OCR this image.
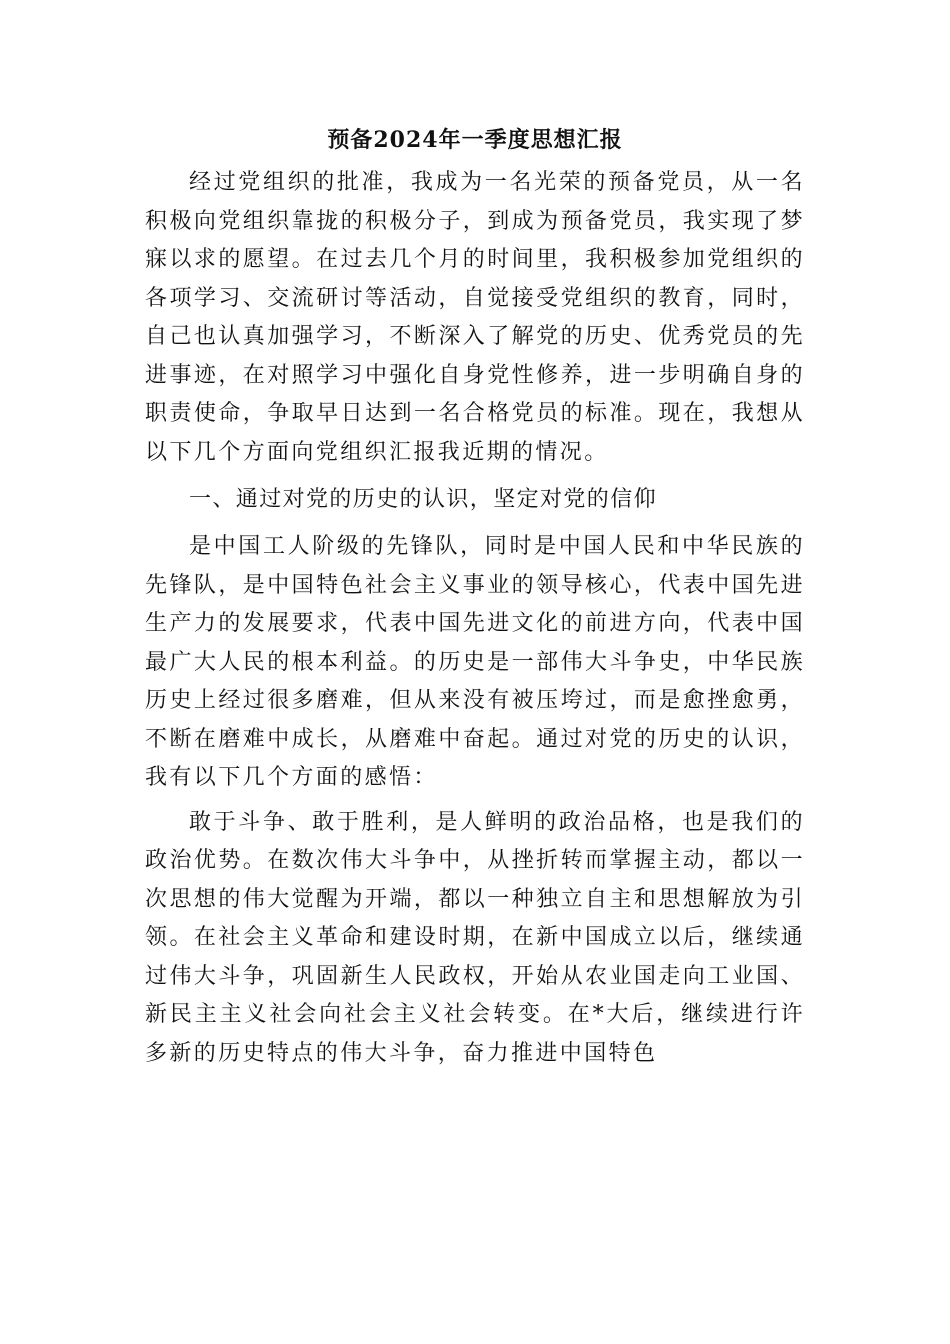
预备2024年一季度思想汇报

经过党组织的批准，我成为一名光荣的预备党员，从一名积极向党组织靠拢的积极分子，到成为预备党员，我实现了梦寐以求的愿望。在过去几个月的时间里，我积极参加党组织的各项学习、交流研讨等活动，自觉接受党组织的教育，同时，自己也认真加强学习，不断深入了解党的历史、优秀党员的先进事迹，在对照学习中强化自身党性修养，进一步明确自身的职责使命，争取早日达到一名合格党员的标准。现在，我想从以下几个方面向党组织汇报我近期的情况。

一、通过对党的历史的认识，坚定对党的信仰

是中国工人阶级的先锋队，同时是中国人民和中华民族的先锋队，是中国特色社会主义事业的领导核心，代表中国先进生产力的发展要求，代表中国先进文化的前进方向，代表中国最广大人民的根本利益。的历史是一部伟大斗争史，中华民族历史上经过很多磨难，但从来没有被压垮过，而是愈挫愈勇，不断在磨难中成长，从磨难中奋起。通过对党的历史的认识，我有以下几个方面的感悟：

敢于斗争、敢于胜利，是人鲜明的政治品格，也是我们的政治优势。在数次伟大斗争中，从挫折转而掌握主动，都以一次思想的伟大觉醒为开端，都以一种独立自主和思想解放为引领。在社会主义革命和建设时期，在新中国成立以后，继续通过伟大斗争，巩固新生人民政权，开始从农业国走向工业国、新民主主义社会向社会主义社会转变。在*大后，继续进行许多新的历史特点的伟大斗争，奋力推进中国特色
